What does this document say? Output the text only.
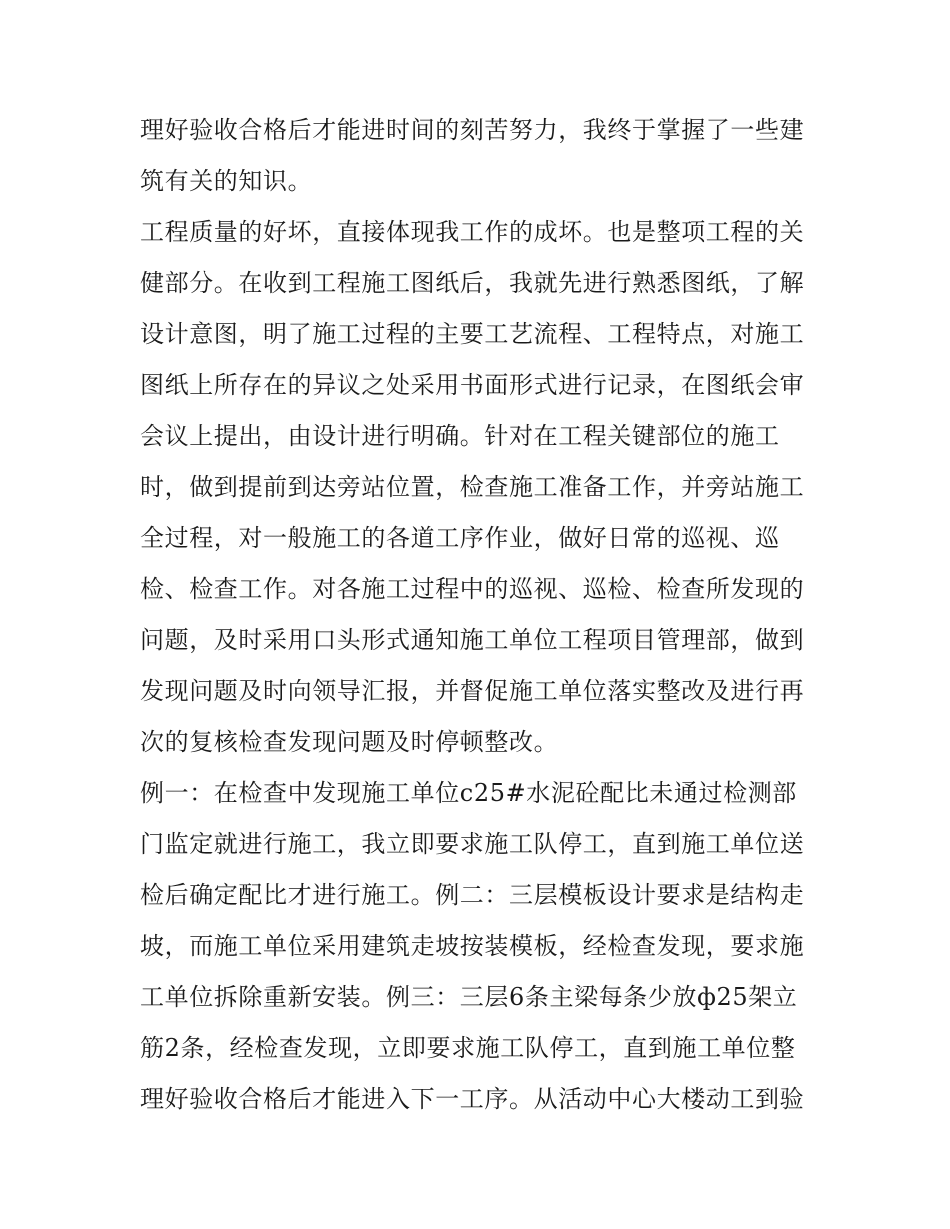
理好验收合格后才能进时间的刻苦努力，我终于掌握了一些建
筑有关的知识。
工程质量的好坏，直接体现我工作的成坏。也是整项工程的关
健部分。在收到工程施工图纸后，我就先进行熟悉图纸，了解
设计意图，明了施工过程的主要工艺流程、工程特点，对施工
图纸上所存在的异议之处采用书面形式进行记录，在图纸会审
会议上提出，由设计进行明确。针对在工程关键部位的施工
时，做到提前到达旁站位置，检查施工准备工作，并旁站施工
全过程，对一般施工的各道工序作业，做好日常的巡视、巡
检、检查工作。对各施工过程中的巡视、巡检、检查所发现的
问题，及时采用口头形式通知施工单位工程项目管理部，做到
发现问题及时向领导汇报，并督促施工单位落实整改及进行再
次的复核检查发现问题及时停顿整改。
例一：在检查中发现施工单位c25#水泥砼配比未通过检测部
门监定就进行施工，我立即要求施工队停工，直到施工单位送
检后确定配比才进行施工。例二：三层模板设计要求是结构走
坡，而施工单位采用建筑走坡按装模板，经检查发现，要求施
工单位拆除重新安装。例三：三层6条主梁每条少放ф25架立
筋2条，经检查发现，立即要求施工队停工，直到施工单位整
理好验收合格后才能进入下一工序。从活动中心大楼动工到验
